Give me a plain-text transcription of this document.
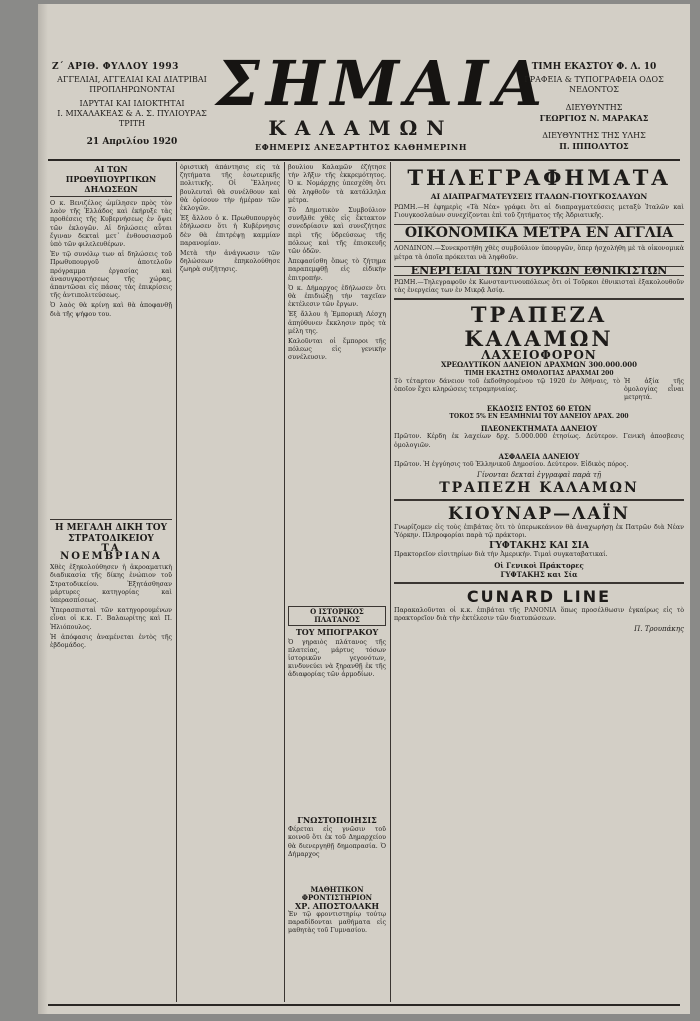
Ζ΄ ΑΡΙΘ. ΦΥΛΛΟΥ 1993
ΑΓΓΕΛΙΑΙ, ΑΓΓΕΛΙΑΙ ΚΑΙ ΔΙΑΤΡΙΒΑΙ ΠΡΟΠΛΗΡΩΝΟΝΤΑΙ
ΙΔΡΥΤΑΙ ΚΑΙ ΙΔΙΟΚΤΗΤΑΙ
Ι. ΜΙΧΑΛΑΚΕΑΣ & Α. Σ. ΠΥΛΙΟΥΡΑΣ
ΤΡΙΤΗ
21 Απριλίου 1920
ΣΗΜΑΙΑ
ΚΑΛΑΜΩΝ
ΕΦΗΜΕΡΙΣ ΑΝΕΞΑΡΤΗΤΟΣ ΚΑΘΗΜΕΡΙΝΗ
ΤΙΜΗ ΕΚΑΣΤΟΥ Φ. Λ. 10
ΓΡΑΦΕΙΑ & ΤΥΠΟΓΡΑΦΕΙΑ ΟΔΟΣ ΝΕΔΟΝΤΟΣ
ΔΙΕΥΘΥΝΤΗΣ
ΓΕΩΡΓΙΟΣ Ν. ΜΑΡΑΚΑΣ
ΔΙΕΥΘΥΝΤΗΣ ΤΗΣ ΥΛΗΣ
Π. ΙΠΠΟΛΥΤΟΣ
ΑΙ ΤΩΝ ΠΡΩΘΥΠΟΥΡΓΙΚΩΝ ΔΗΛΩΣΕΩΝ

Ο κ. Βενιζέλος ὡμίλησεν πρὸς τὸν λαὸν τῆς Ἑλλάδος καὶ ἐκήρυξε τὰς προθέσεις τῆς Κυβερνήσεως ἐν ὄψει τῶν ἐκλογῶν. Αἱ δηλώσεις αὗται ἔγιναν δεκταὶ μετ᾽ ἐνθουσιασμοῦ ὑπὸ τῶν φιλελευθέρων.

Ἐν τῷ συνόλῳ των αἱ δηλώσεις τοῦ Πρωθυπουργοῦ ἀποτελοῦν πρόγραμμα ἐργασίας καὶ ἀνασυγκροτήσεως τῆς χώρας, ἀπαντῶσαι εἰς πάσας τὰς ἐπικρίσεις τῆς ἀντιπολιτεύσεως.

Ὁ λαὸς θὰ κρίνῃ καὶ θὰ ἀποφανθῇ διὰ τῆς ψήφου του.

Η ΜΕΓΑΛΗ ΔΙΚΗ ΤΟΥ ΣΤΡΑΤΟΔΙΚΕΙΟΥ
ΤΑ ΝΟΕΜΒΡΙΑΝΑ

Χθὲς ἐξηκολούθησεν ἡ ἀκροαματικὴ διαδικασία τῆς δίκης ἐνώπιον τοῦ Στρατοδικείου. Ἐξητάσθησαν μάρτυρες κατηγορίας καὶ ὑπερασπίσεως.

Ὑπερασπισταὶ τῶν κατηγορουμένων εἶναι οἱ κ.κ. Γ. Βαλαωρίτης καὶ Π. Ἠλιόπουλος.

Ἡ ἀπόφασις ἀναμένεται ἐντὸς τῆς ἑβδομάδος.

ὁριστικὴ ἀπάντησις εἰς τὰ ζητήματα τῆς ἐσωτερικῆς πολιτικῆς. Οἱ Ἕλληνες βουλευταὶ θὰ συνέλθουν καὶ θὰ ὁρίσουν τὴν ἡμέραν τῶν ἐκλογῶν.

Ἐξ ἄλλου ὁ κ. Πρωθυπουργὸς ἐδήλωσεν ὅτι ἡ Κυβέρνησις δὲν θὰ ἐπιτρέψῃ καμμίαν παρανομίαν.

Μετὰ τὴν ἀνάγνωσιν τῶν δηλώσεων ἐπηκολούθησε ζωηρὰ συζήτησις.

βουλίου Καλαμῶν ἐζήτησε τὴν λῆξιν τῆς ἐκκρεμότητος. Ὁ κ. Νομάρχης ὑπεσχέθη ὅτι θὰ ληφθοῦν τὰ κατάλληλα μέτρα.

Τὸ Δημοτικὸν Συμβούλιον συνῆλθε χθὲς εἰς ἔκτακτον συνεδρίασιν καὶ συνεζήτησε περὶ τῆς ὑδρεύσεως τῆς πόλεως καὶ τῆς ἐπισκευῆς τῶν ὁδῶν.

Ἀπεφασίσθη ὅπως τὸ ζήτημα παραπεμφθῇ εἰς εἰδικὴν ἐπιτροπήν.

Ὁ κ. Δήμαρχος ἐδήλωσεν ὅτι θὰ ἐπιδιώξῃ τὴν ταχεῖαν ἐκτέλεσιν τῶν ἔργων.

Ἐξ ἄλλου ἡ Ἐμπορικὴ Λέσχη ἀπηύθυνεν ἔκκλησιν πρὸς τὰ μέλη της.

Καλοῦνται οἱ ἔμποροι τῆς πόλεως εἰς γενικὴν συνέλευσιν.

Ο ΙΣΤΟΡΙΚΟΣ ΠΛΑΤΑΝΟΣ
ΤΟΥ ΜΠΟΓΡΑΚΟΥ

Ὁ γηραιὸς πλάτανος τῆς πλατείας, μάρτυς τόσων ἱστορικῶν γεγονότων, κινδυνεύει νὰ ξηρανθῇ ἐκ τῆς ἀδιαφορίας τῶν ἁρμοδίων.

ΓΝΩΣΤΟΠΟΙΗΣΙΣ

Φέρεται εἰς γνῶσιν τοῦ κοινοῦ ὅτι ἐκ τοῦ Δημαρχείου θὰ διενεργηθῇ δημοπρασία. Ὁ Δήμαρχος

ΜΑΘΗΤΙΚΟΝ ΦΡΟΝΤΙΣΤΗΡΙΟΝ
ΧΡ. ΑΠΟΣΤΟΛΑΚΗ

Ἐν τῷ φροντιστηρίῳ τούτῳ παραδίδονται μαθήματα εἰς μαθητὰς τοῦ Γυμνασίου.

ΤΗΛΕΓΡΑΦΗΜΑΤΑ
ΑΙ ΔΙΑΠΡΑΓΜΑΤΕΥΣΕΙΣ ΙΤΑΛΩΝ-ΓΙΟΥΓΚΟΣΛΑΥΩΝ

ΡΩΜΗ.—Η ἐφημερὶς «Τὰ Νέα» γράφει ὅτι αἱ διαπραγματεύσεις μεταξὺ Ἰταλῶν καὶ Γιουγκοσλαύων συνεχίζονται ἐπὶ τοῦ ζητήματος τῆς Ἀδριατικῆς.

ΟΙΚΟΝΟΜΙΚΑ ΜΕΤΡΑ ΕΝ ΑΓΓΛΙΑ

ΛΟΝΔΙΝΟΝ.—Συνεκροτήθη χθὲς συμβούλιον ὑπουργῶν, ὅπερ ἠσχολήθη μὲ τὰ οἰκονομικὰ μέτρα τὰ ὁποῖα πρόκειται νὰ ληφθοῦν.

ΕΝΕΡΓΕΙΑΙ ΤΩΝ ΤΟΥΡΚΩΝ ΕΘΝΙΚΙΣΤΩΝ

ΡΩΜΗ.—Τηλεγραφοῦν ἐκ Κωνσταντινουπόλεως ὅτι οἱ Τοῦρκοι ἐθνικισταὶ ἐξακολουθοῦν τὰς ἐνεργείας των ἐν Μικρᾷ Ἀσίᾳ.

ΤΡΑΠΕΖΑ ΚΑΛΑΜΩΝ
ΛΑΧΕΙΟΦΟΡΟΝ
ΧΡΕΩΛΥΤΙΚΟΝ ΔΑΝΕΙΟΝ ΔΡΑΧΜΩΝ 300.000.000
ΤΙΜΗ ΕΚΑΣΤΗΣ ΟΜΟΛΟΓΙΑΣ ΔΡΑΧΜΑΙ 200

Τὸ τέταρτον δάνειον τοῦ ἐκδοθησομένου τῷ 1920 ἐν Ἀθήναις, τὸ ὁποῖον ἔχει κληρώσεις τετραμηνιαίας.

Ἡ ἀξία τῆς ὁμολογίας εἶναι μετρητά.

ΕΚΔΟΣΙΣ ΕΝΤΟΣ 60 ΕΤΩΝ
ΤΟΚΟΣ 5% ΕΝ ΕΞΑΜΗΝΙΑΙ ΤΟΥ ΔΑΝΕΙΟΥ ΔΡΑΧ. 200
ΠΛΕΟΝΕΚΤΗΜΑΤΑ ΔΑΝΕΙΟΥ

Πρῶτον. Κέρδη ἐκ λαχείων δρχ. 5.000.000 ἐτησίως. Δεύτερον. Γενικὴ ἀποσβεσις ὁμολογιῶν.

ΑΣΦΑΛΕΙΑ ΔΑΝΕΙΟΥ

Πρῶτον. Ἡ ἐγγύησις τοῦ Ἑλληνικοῦ Δημοσίου. Δεύτερον. Εἰδικὸς πόρος.

Γίνονται δεκταὶ ἐγγραφαὶ παρὰ τῇ
ΤΡΑΠΕΖΗ ΚΑΛΑΜΩΝ
ΚΙΟΥΝΑΡ—ΛΑΪΝ

Γνωρίζομεν εἰς τοὺς ἐπιβάτας ὅτι τὸ ὑπερωκεάνιον θὰ ἀναχωρήσῃ ἐκ Πατρῶν διὰ Νέαν Ὑόρκην. Πληροφορίαι παρὰ τῷ πράκτορι.

ΓΥΦΤΑΚΗΣ ΚΑΙ ΣΙΑ

Πρακτορεῖον εἰσιτηρίων διὰ τὴν Ἀμερικήν. Τιμαὶ συγκαταβατικαί.

Οἱ Γενικοὶ Πράκτορες
ΓΥΦΤΑΚΗΣ και Σία
CUNARD LINE

Παρακαλοῦνται οἱ κ.κ. ἐπιβάται τῆς ΡΑΝΟΝΙΑ ὅπως προσέλθωσιν ἐγκαίρως εἰς τὸ πρακτορεῖον διὰ τὴν ἐκτέλεσιν τῶν διατυπώσεων.

Π. Τρουπάκης
